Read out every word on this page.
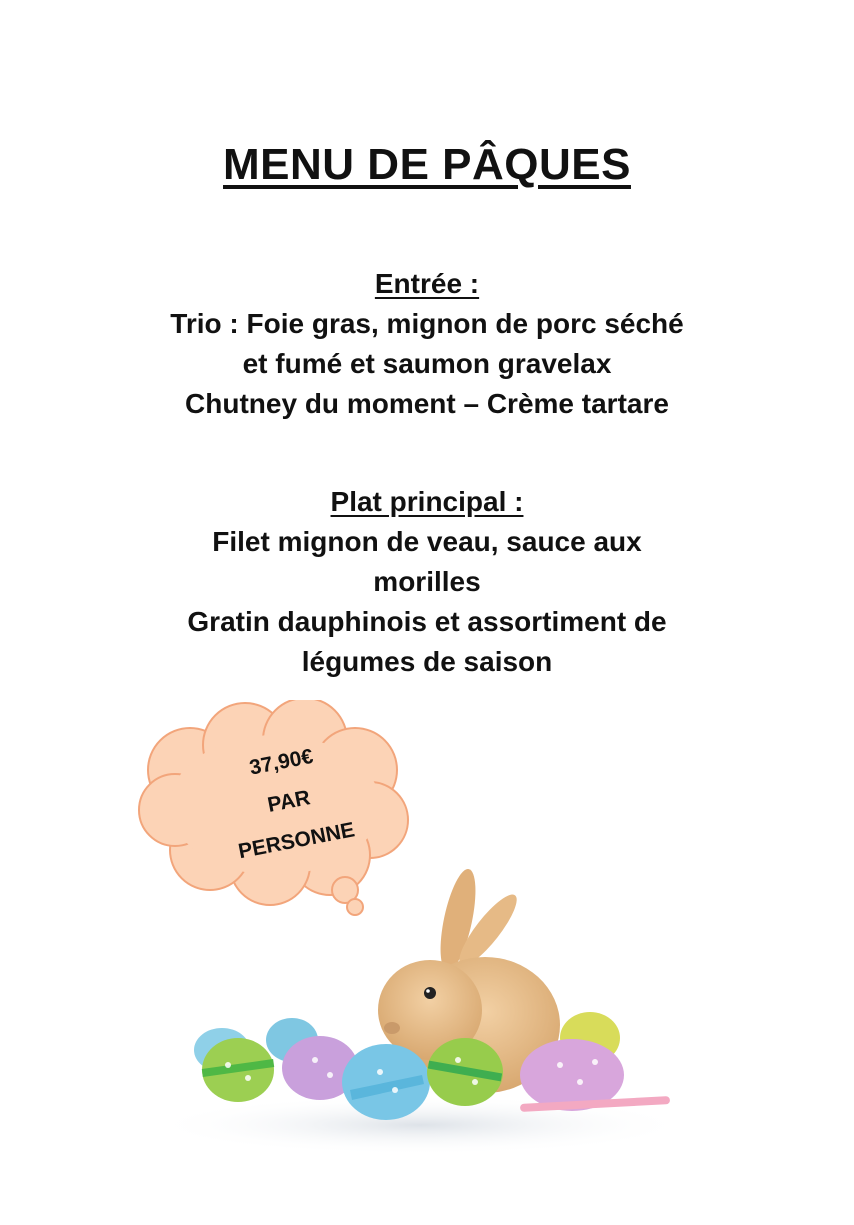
MENU DE PÂQUES
Entrée :
Trio : Foie gras, mignon de porc séché
et fumé et saumon gravelax
Chutney du moment – Crème tartare
Plat principal :
Filet mignon de veau, sauce aux
morilles
Gratin dauphinois et assortiment de
légumes de saison
37,90€
PAR
PERSONNE
